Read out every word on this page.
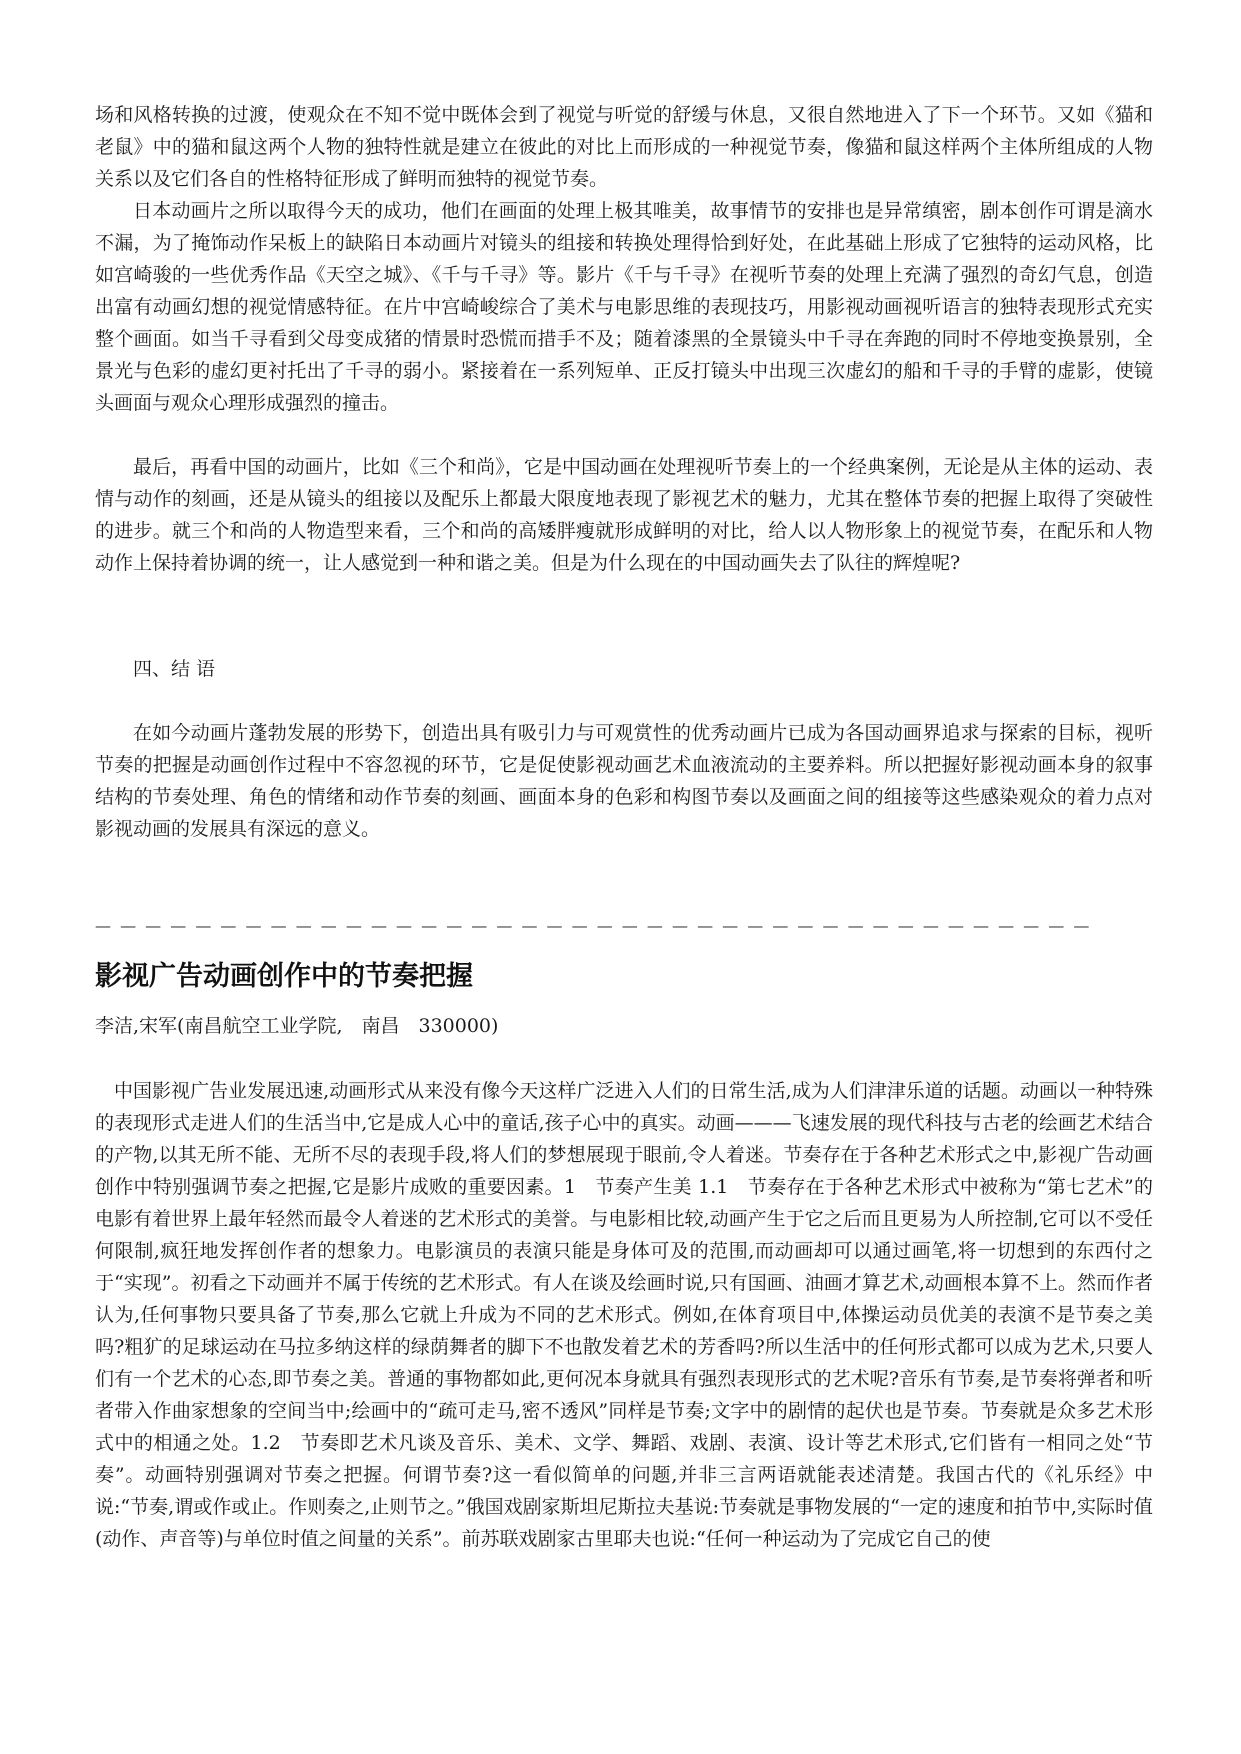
场和风格转换的过渡，使观众在不知不觉中既体会到了视觉与听觉的舒缓与休息，又很自然地进入了下一个环节。又如《猫和老鼠》中的猫和鼠这两个人物的独特性就是建立在彼此的对比上而形成的一种视觉节奏，像猫和鼠这样两个主体所组成的人物关系以及它们各自的性格特征形成了鲜明而独特的视觉节奏。

日本动画片之所以取得今天的成功，他们在画面的处理上极其唯美，故事情节的安排也是异常缜密，剧本创作可谓是滴水不漏，为了掩饰动作呆板上的缺陷日本动画片对镜头的组接和转换处理得恰到好处，在此基础上形成了它独特的运动风格，比如宫崎骏的一些优秀作品《天空之城》、《千与千寻》等。影片《千与千寻》在视听节奏的处理上充满了强烈的奇幻气息，创造出富有动画幻想的视觉情感特征。在片中宫崎峻综合了美术与电影思维的表现技巧，用影视动画视听语言的独特表现形式充实整个画面。如当千寻看到父母变成猪的情景时恐慌而措手不及；随着漆黑的全景镜头中千寻在奔跑的同时不停地变换景别，全景光与色彩的虚幻更衬托出了千寻的弱小。紧接着在一系列短单、正反打镜头中出现三次虚幻的船和千寻的手臂的虚影，使镜头画面与观众心理形成强烈的撞击。

最后，再看中国的动画片，比如《三个和尚》，它是中国动画在处理视听节奏上的一个经典案例，无论是从主体的运动、表情与动作的刻画，还是从镜头的组接以及配乐上都最大限度地表现了影视艺术的魅力，尤其在整体节奏的把握上取得了突破性的进步。就三个和尚的人物造型来看，三个和尚的高矮胖瘦就形成鲜明的对比，给人以人物形象上的视觉节奏，在配乐和人物动作上保持着协调的统一，让人感觉到一种和谐之美。但是为什么现在的中国动画失去了队往的辉煌呢?

四、结 语

在如今动画片蓬勃发展的形势下，创造出具有吸引力与可观赏性的优秀动画片已成为各国动画界追求与探索的目标，视听节奏的把握是动画创作过程中不容忽视的环节，它是促使影视动画艺术血液流动的主要养料。所以把握好影视动画本身的叙事结构的节奏处理、角色的情绪和动作节奏的刻画、画面本身的色彩和构图节奏以及画面之间的组接等这些感染观众的着力点对影视动画的发展具有深远的意义。

— — — — — — — — — — — — — — — — — — — — — — — — — — — — — — — — — — — — — — — —
影视广告动画创作中的节奏把握

李洁,宋军(南昌航空工业学院,　南昌　330000)

中国影视广告业发展迅速,动画形式从来没有像今天这样广泛进入人们的日常生活,成为人们津津乐道的话题。动画以一种特殊的表现形式走进人们的生活当中,它是成人心中的童话,孩子心中的真实。动画———飞速发展的现代科技与古老的绘画艺术结合的产物,以其无所不能、无所不尽的表现手段,将人们的梦想展现于眼前,令人着迷。节奏存在于各种艺术形式之中,影视广告动画创作中特别强调节奏之把握,它是影片成败的重要因素。1　节奏产生美 1.1　节奏存在于各种艺术形式中被称为“第七艺术”的电影有着世界上最年轻然而最令人着迷的艺术形式的美誉。与电影相比较,动画产生于它之后而且更易为人所控制,它可以不受任何限制,疯狂地发挥创作者的想象力。电影演员的表演只能是身体可及的范围,而动画却可以通过画笔,将一切想到的东西付之于“实现”。初看之下动画并不属于传统的艺术形式。有人在谈及绘画时说,只有国画、油画才算艺术,动画根本算不上。然而作者认为,任何事物只要具备了节奏,那么它就上升成为不同的艺术形式。例如,在体育项目中,体操运动员优美的表演不是节奏之美吗?粗犷的足球运动在马拉多纳这样的绿荫舞者的脚下不也散发着艺术的芳香吗?所以生活中的任何形式都可以成为艺术,只要人们有一个艺术的心态,即节奏之美。普通的事物都如此,更何况本身就具有强烈表现形式的艺术呢?音乐有节奏,是节奏将弹者和听者带入作曲家想象的空间当中;绘画中的“疏可走马,密不透风”同样是节奏;文字中的剧情的起伏也是节奏。节奏就是众多艺术形式中的相通之处。1.2　节奏即艺术凡谈及音乐、美术、文学、舞蹈、戏剧、表演、设计等艺术形式,它们皆有一相同之处“节奏”。动画特别强调对节奏之把握。何谓节奏?这一看似简单的问题,并非三言两语就能表述清楚。我国古代的《礼乐经》中说:“节奏,谓或作或止。作则奏之,止则节之。”俄国戏剧家斯坦尼斯拉夫基说:节奏就是事物发展的“一定的速度和拍节中,实际时值(动作、声音等)与单位时值之间量的关系”。前苏联戏剧家古里耶夫也说:“任何一种运动为了完成它自己的使
